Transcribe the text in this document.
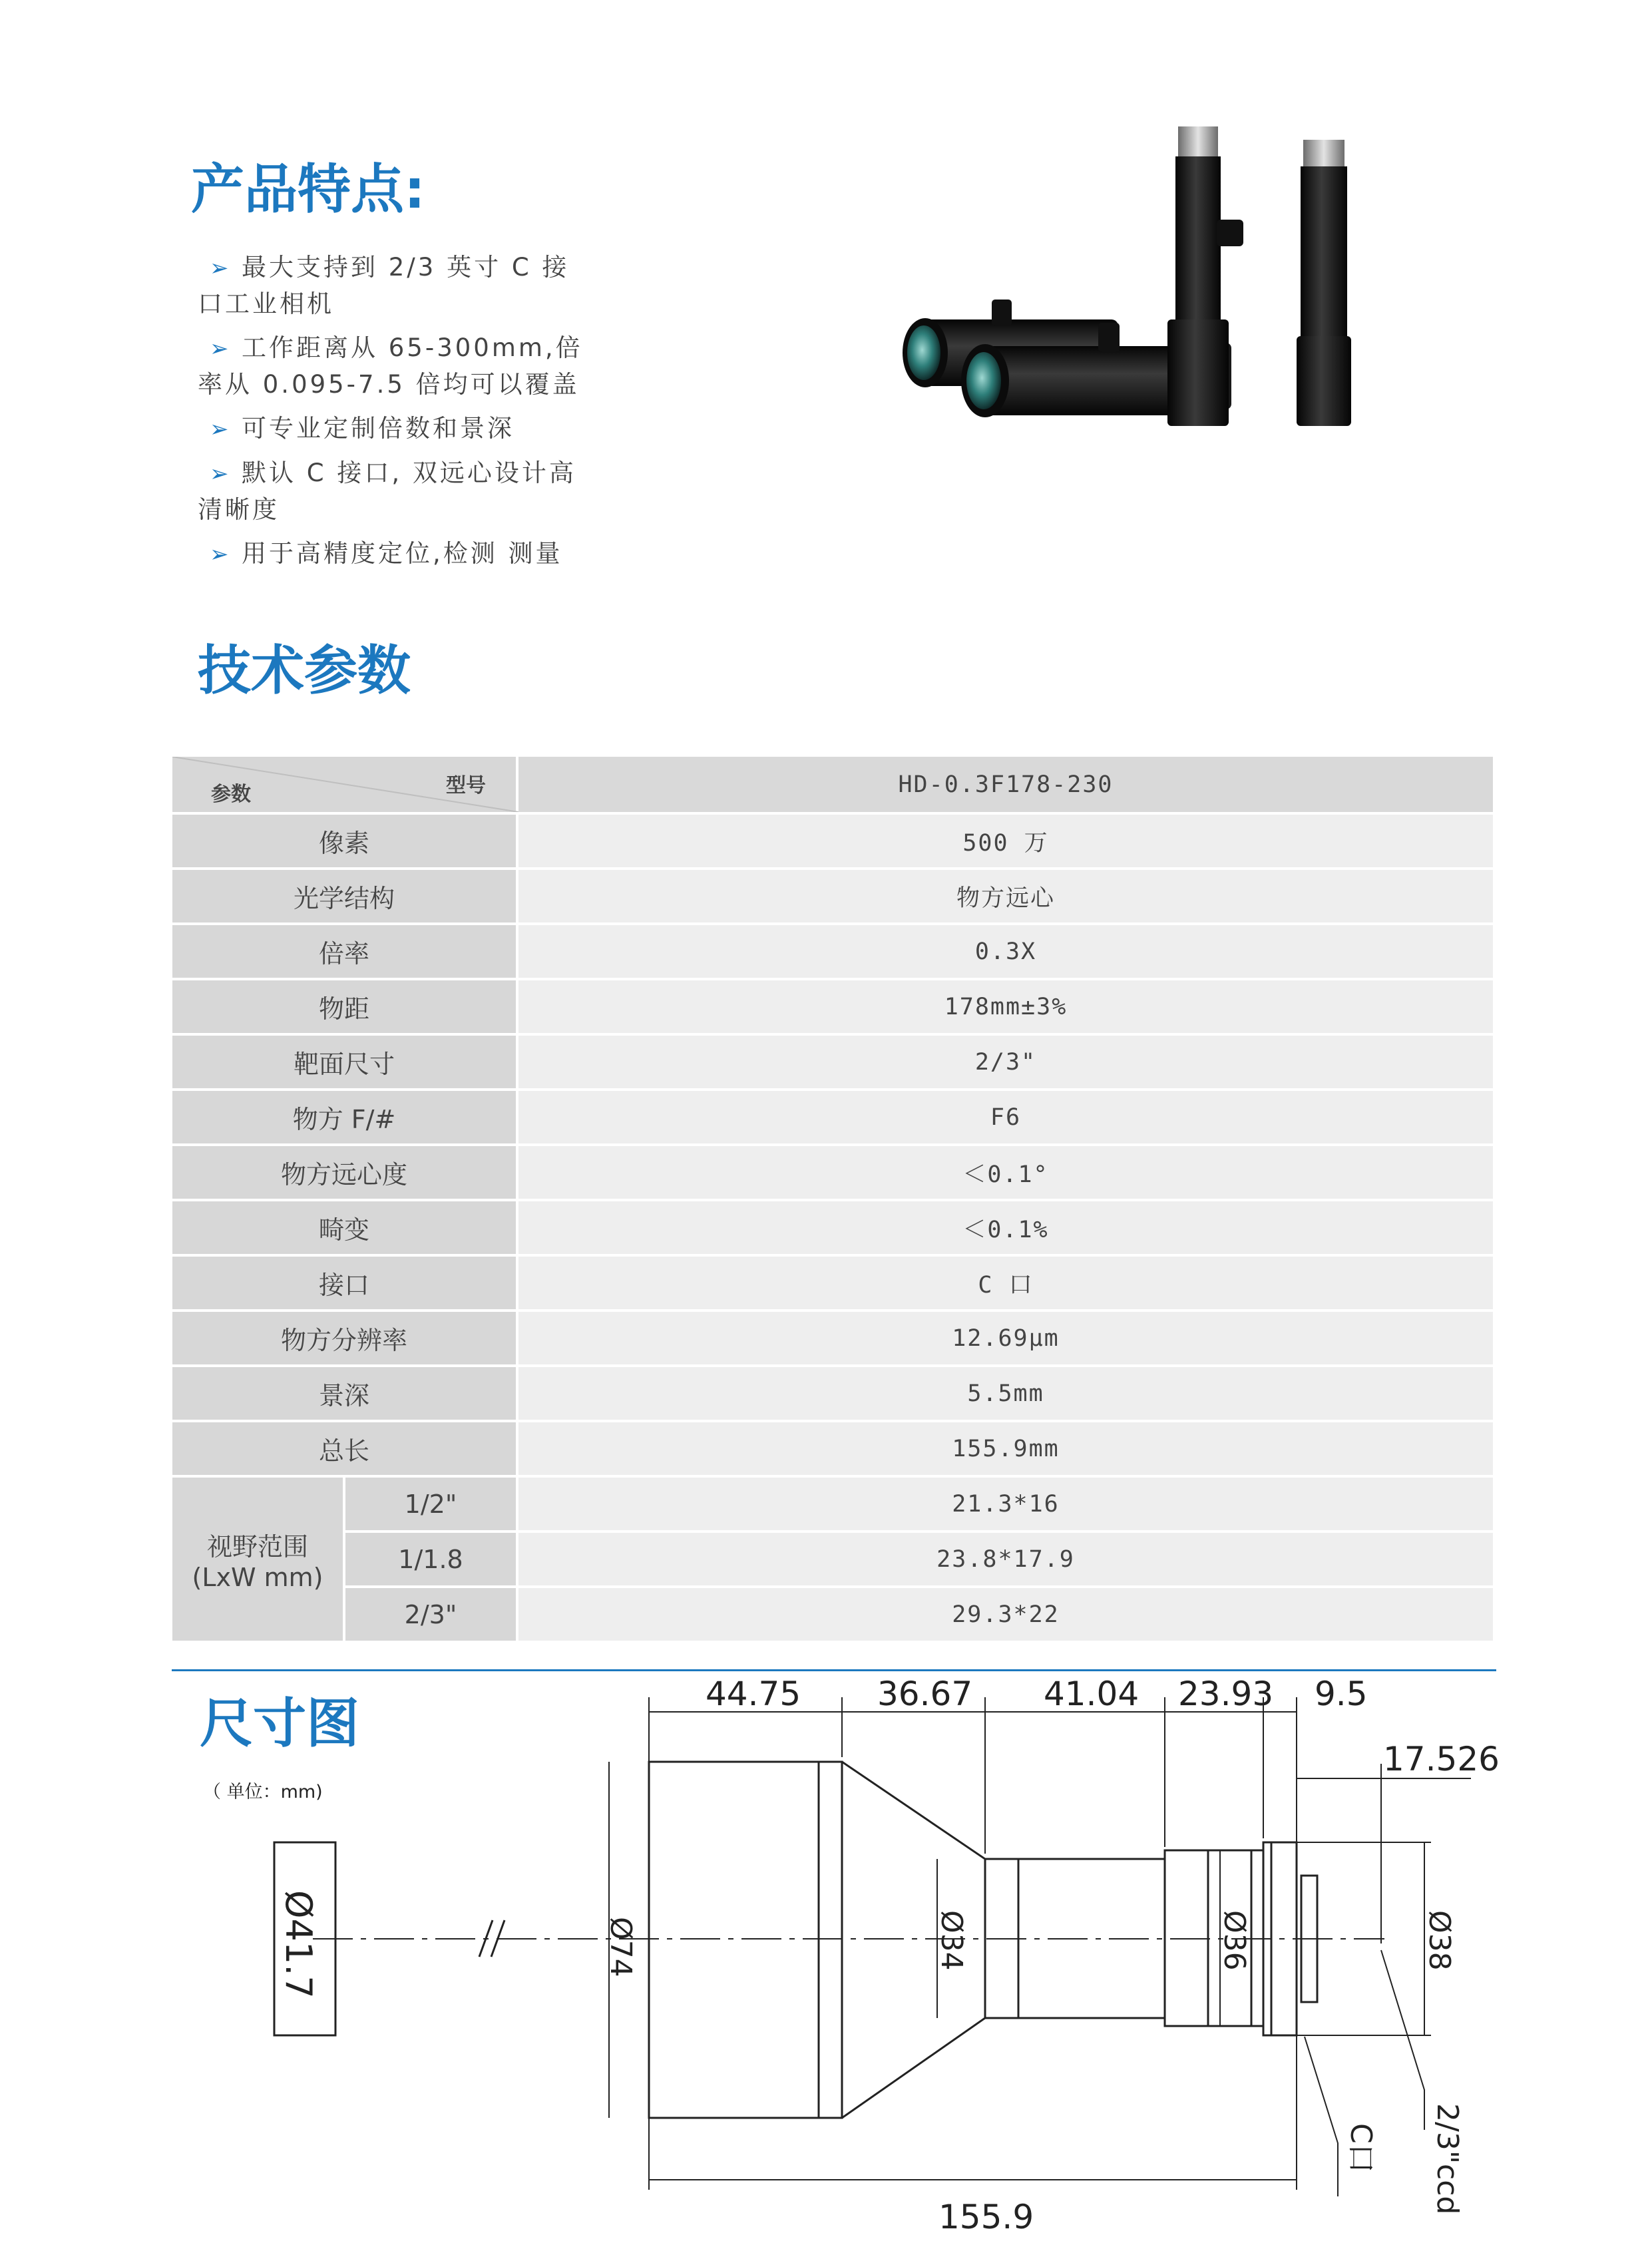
产品特点:
➢ 最大支持到 2/3 英寸 C 接口工业相机
➢ 工作距离从 65-300mm,倍率从 0.095-7.5 倍均可以覆盖
➢ 可专业定制倍数和景深
➢ 默认 C 接口, 双远心设计高清晰度
➢ 用于高精度定位,检测 测量
技术参数
型号
参数		HD-0.3F178-230
像素		500 万
光学结构		物方远心
倍率		0.3X
物距		178mm±3%
靶面尺寸		2/3"
物方 F/#		F6
物方远心度		＜0.1°
畸变		＜0.1%
接口		C 口
物方分辨率		12.69μm
景深		5.5mm
总长		155.9mm

视野范围
(LxW mm)	1/2"	21.3*16
	1/1.8	23.8*17.9
	2/3"	29.3*22
尺寸图
（ 单位：mm)
Ø41.7
44.75 36.67 41.04 23.93 9.5
17.526
155.9
Ø74	Ø34	Ø36	Ø38
C口 2/3"ccd
